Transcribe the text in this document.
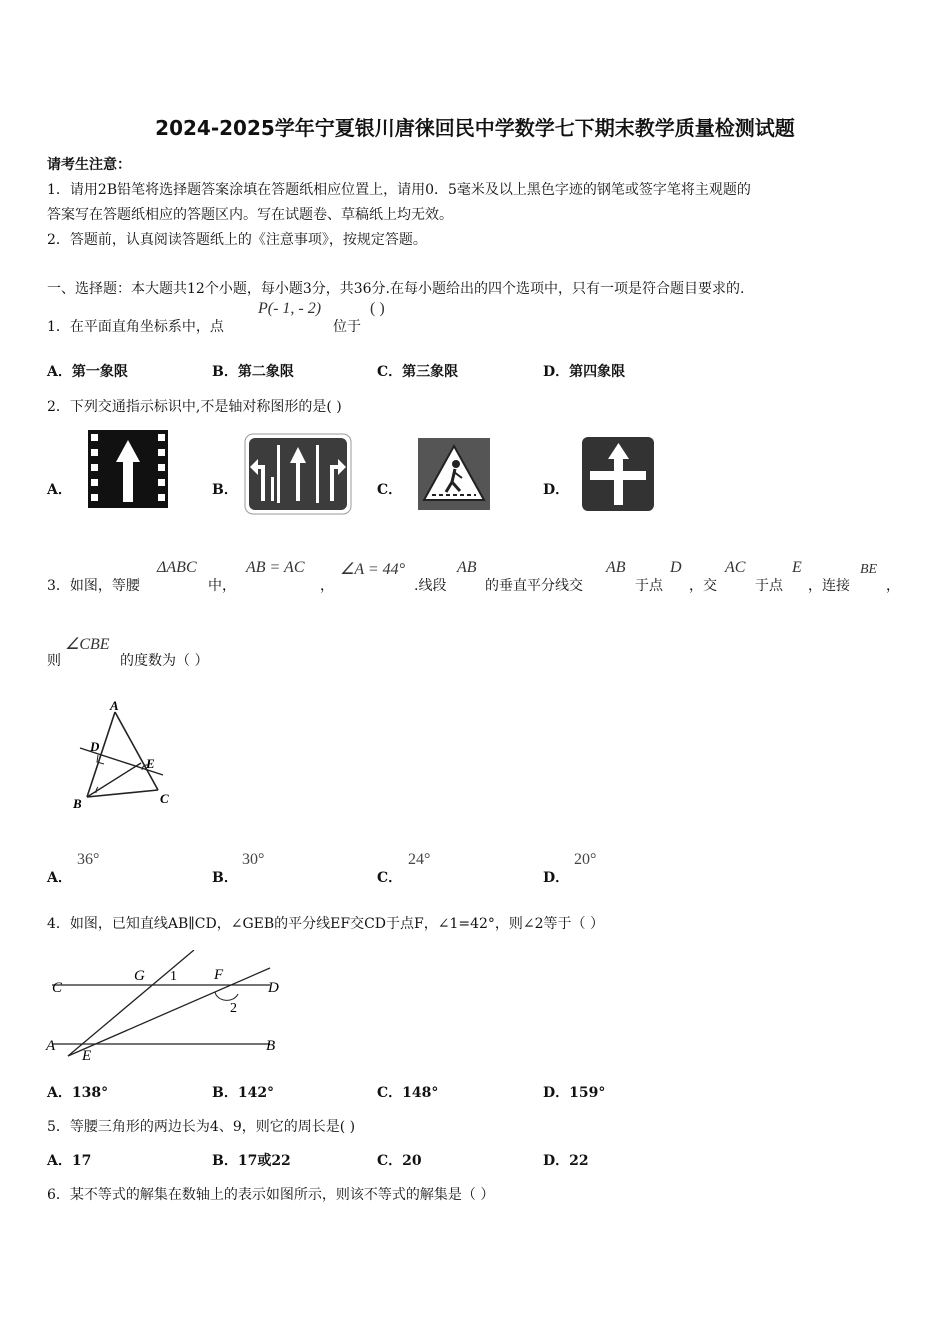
2024-2025学年宁夏银川唐徕回民中学数学七下期末教学质量检测试题
请考生注意：
1．请用2B铅笔将选择题答案涂填在答题纸相应位置上，请用0．5毫米及以上黑色字迹的钢笔或签字笔将主观题的
答案写在答题纸相应的答题区内。写在试题卷、草稿纸上均无效。
2．答题前，认真阅读答题纸上的《注意事项》，按规定答题。
一、选择题：本大题共12个小题，每小题3分，共36分.在每小题给出的四个选项中，只有一项是符合题目要求的.
1．在平面直角坐标系中，点
P(- 1, - 2)
位于
( )
A．第一象限	B．第二象限	C．第三象限	D．第四象限
2．下列交通指示标识中,不是轴对称图形的是( )
A．	B．	C．	D．
3．如图，等腰
ΔABC
中，
AB = AC
，
∠A = 44°
.线段
AB
的垂直平分线交
AB
于点
D
，交
AC
于点
E
，连接
BE
，
则
∠CBE
的度数为（ ）
A
D
E
B	C
A．
36°
B．
30°
C．
24°
D．
20°
4．如图，已知直线AB∥CD，∠GEB的平分线EF交CD于点F，∠1=42°，则∠2等于（ ）
C
G 1 F
D
2
A
E
B
A．138°	B．142°	C．148°	D．159°
5．等腰三角形的两边长为4、9，则它的周长是( )
A．17	B．17或22	C．20	D．22
6．某不等式的解集在数轴上的表示如图所示，则该不等式的解集是（ ）
